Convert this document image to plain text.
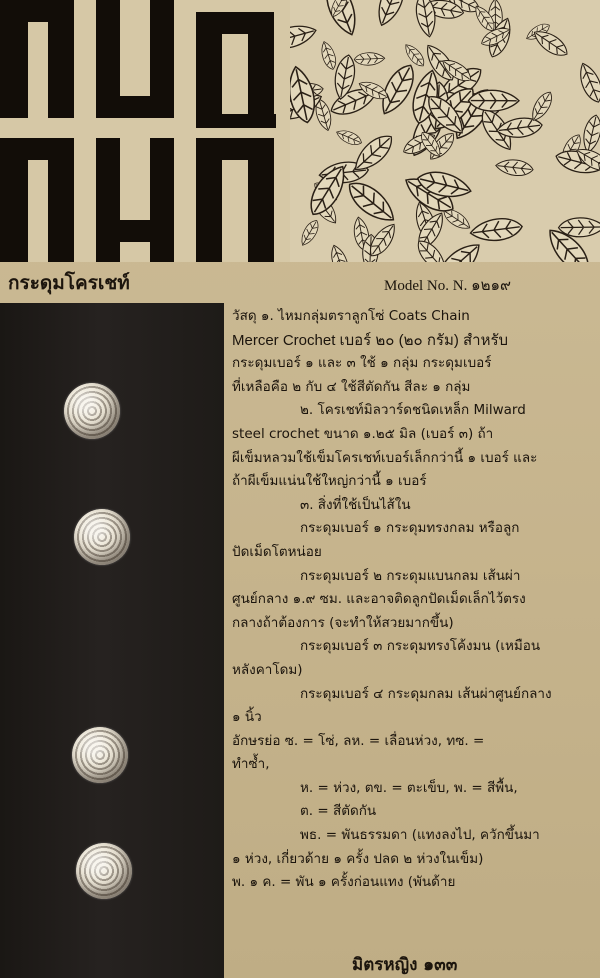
กระดุมโครเชท์	Model No. N. ๑๒๑๙
วัสดุ ๑. ไหมกลุ่มตราลูกโซ่ Coats Chain
Mercer Crochet เบอร์ ๒๐ (๒๐ กรัม) สำหรับ
กระดุมเบอร์ ๑ และ ๓ ใช้ ๑ กลุ่ม กระดุมเบอร์
ที่เหลือคือ ๒ กับ ๔ ใช้สีตัดกัน สีละ ๑ กลุ่ม
๒. โครเชท์มิลวาร์ดชนิดเหล็ก Milward
steel crochet ขนาด ๑.๒๕ มิล (เบอร์ ๓) ถ้า
ผีเข็มหลวมใช้เข็มโครเชท์เบอร์เล็กกว่านี้ ๑ เบอร์ และ
ถ้าผีเข็มแน่นใช้ใหญ่กว่านี้ ๑ เบอร์
๓. สิ่งที่ใช้เป็นไส้ใน
กระดุมเบอร์ ๑ กระดุมทรงกลม หรือลูก
ปัดเม็ดโตหน่อย
กระดุมเบอร์ ๒ กระดุมแบนกลม เส้นผ่า
ศูนย์กลาง ๑.๙ ซม. และอาจติดลูกปัดเม็ดเล็กไว้ตรง
กลางถ้าต้องการ (จะทำให้สวยมากขึ้น)
กระดุมเบอร์ ๓ กระดุมทรงโค้งมน (เหมือน
หลังคาโดม)
กระดุมเบอร์ ๔ กระดุมกลม เส้นผ่าศูนย์กลาง
๑ นิ้ว
อักษรย่อ ซ. = โซ่, ลห. = เลื่อนห่วง, ทซ. =
ทำซ้ำ,
ห. = ห่วง, ตข. = ตะเข็บ, พ. = สีพื้น,
ต. = สีตัดกัน
พธ. = พันธรรมดา (แทงลงไป, ควักขึ้นมา
๑ ห่วง, เกี่ยวด้าย ๑ ครั้ง ปลด ๒ ห่วงในเข็ม)
พ. ๑ ค. = พัน ๑ ครั้งก่อนแทง (พันด้าย
มิตรหญิง ๑๓๓
